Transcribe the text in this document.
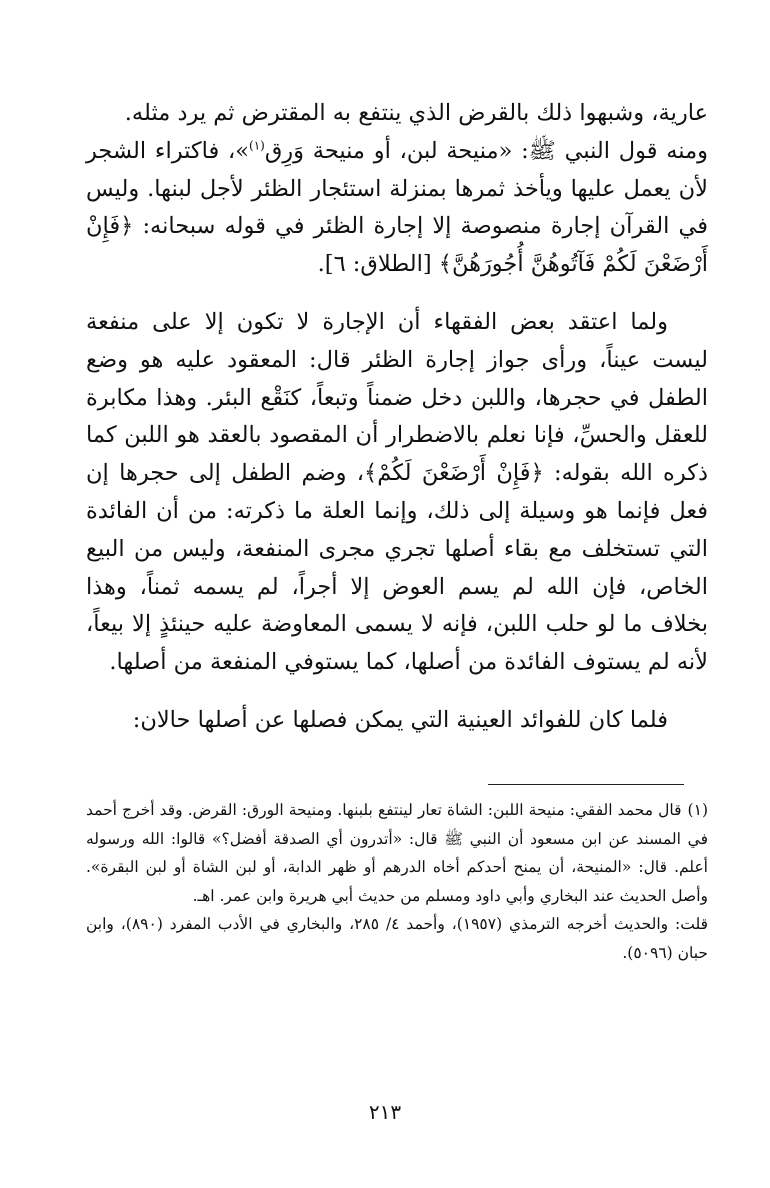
عارية، وشبهوا ذلك بالقرض الذي ينتفع به المقترض ثم يرد مثله.

ومنه قول النبي ﷺ: «منيحة لبن، أو منيحة وَرِق$^{(١)}$»، فاكتراء الشجر لأن يعمل عليها ويأخذ ثمرها بمنزلة استئجار الظئر لأجل لبنها. وليس في القرآن إجارة منصوصة إلا إجارة الظئر في قوله سبحانه: ﴿فَإِنْ أَرْضَعْنَ لَكُمْ فَآتُوهُنَّ أُجُورَهُنَّ﴾ [الطلاق: ٦].

ولما اعتقد بعض الفقهاء أن الإجارة لا تكون إلا على منفعة ليست عيناً، ورأى جواز إجارة الظئر قال: المعقود عليه هو وضع الطفل في حجرها، واللبن دخل ضمناً وتبعاً، كنَقْع البئر. وهذا مكابرة للعقل والحسِّ، فإنا نعلم بالاضطرار أن المقصود بالعقد هو اللبن كما ذكره الله بقوله: ﴿فَإِنْ أَرْضَعْنَ لَكُمْ﴾، وضم الطفل إلى حجرها إن فعل فإنما هو وسيلة إلى ذلك، وإنما العلة ما ذكرته: من أن الفائدة التي تستخلف مع بقاء أصلها تجري مجرى المنفعة، وليس من البيع الخاص، فإن الله لم يسم العوض إلا أجراً، لم يسمه ثمناً، وهذا بخلاف ما لو حلب اللبن، فإنه لا يسمى المعاوضة عليه حينئذٍ إلا بيعاً، لأنه لم يستوف الفائدة من أصلها، كما يستوفي المنفعة من أصلها.

فلما كان للفوائد العينية التي يمكن فصلها عن أصلها حالان:

(١)قال محمد الفقي: منيحة اللبن: الشاة تعار لينتفع بلبنها. ومنيحة الورق: القرض. وقد أخرج أحمد في المسند عن ابن مسعود أن النبي ﷺ قال: «أتدرون أي الصدقة أفضل؟» قالوا: الله ورسوله أعلم. قال: «المنيحة، أن يمنح أحدكم أخاه الدرهم أو ظهر الدابة، أو لبن الشاة أو لبن البقرة». وأصل الحديث عند البخاري وأبي داود ومسلم من حديث أبي هريرة وابن عمر. اهـ.

قلت: والحديث أخرجه الترمذي (١٩٥٧)، وأحمد ٤/ ٢٨٥، والبخاري في الأدب المفرد (٨٩٠)، وابن حبان (٥٠٩٦).

٢١٣
